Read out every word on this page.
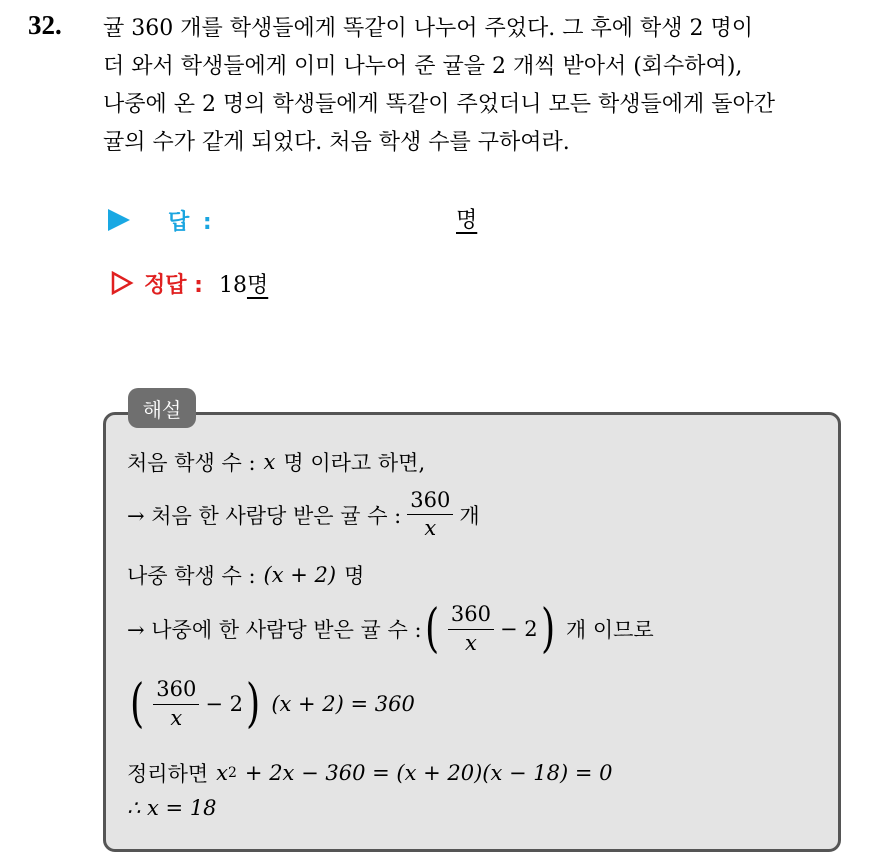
32. 귤 360 개를 학생들에게 똑같이 나누어 주었다. 그 후에 학생 2 명이
더 와서 학생들에게 이미 나누어 준 귤을 2 개씩 받아서 (회수하여),
나중에 온 2 명의 학생들에게 똑같이 주었더니 모든 학생들에게 돌아간
귤의 수가 같게 되었다. 처음 학생 수를 구하여라.
답 :	명
정답 : 18명
해설
처음 학생 수 : x 명 이라고 하면,
→ 처음 한 사람당 받은 귤 수 : $\frac{360}{x}$ 개
나중 학생 수 : (x + 2) 명
→ 나중에 한 사람당 받은 귤 수 : ( $\frac{360}{x} - 2$ ) 개 이므로
( $\frac{360}{x} - 2$ ) (x + 2) = 360
정리하면 x 2 + 2x − 360 = (x + 20)(x − 18) = 0
∴ x = 18
